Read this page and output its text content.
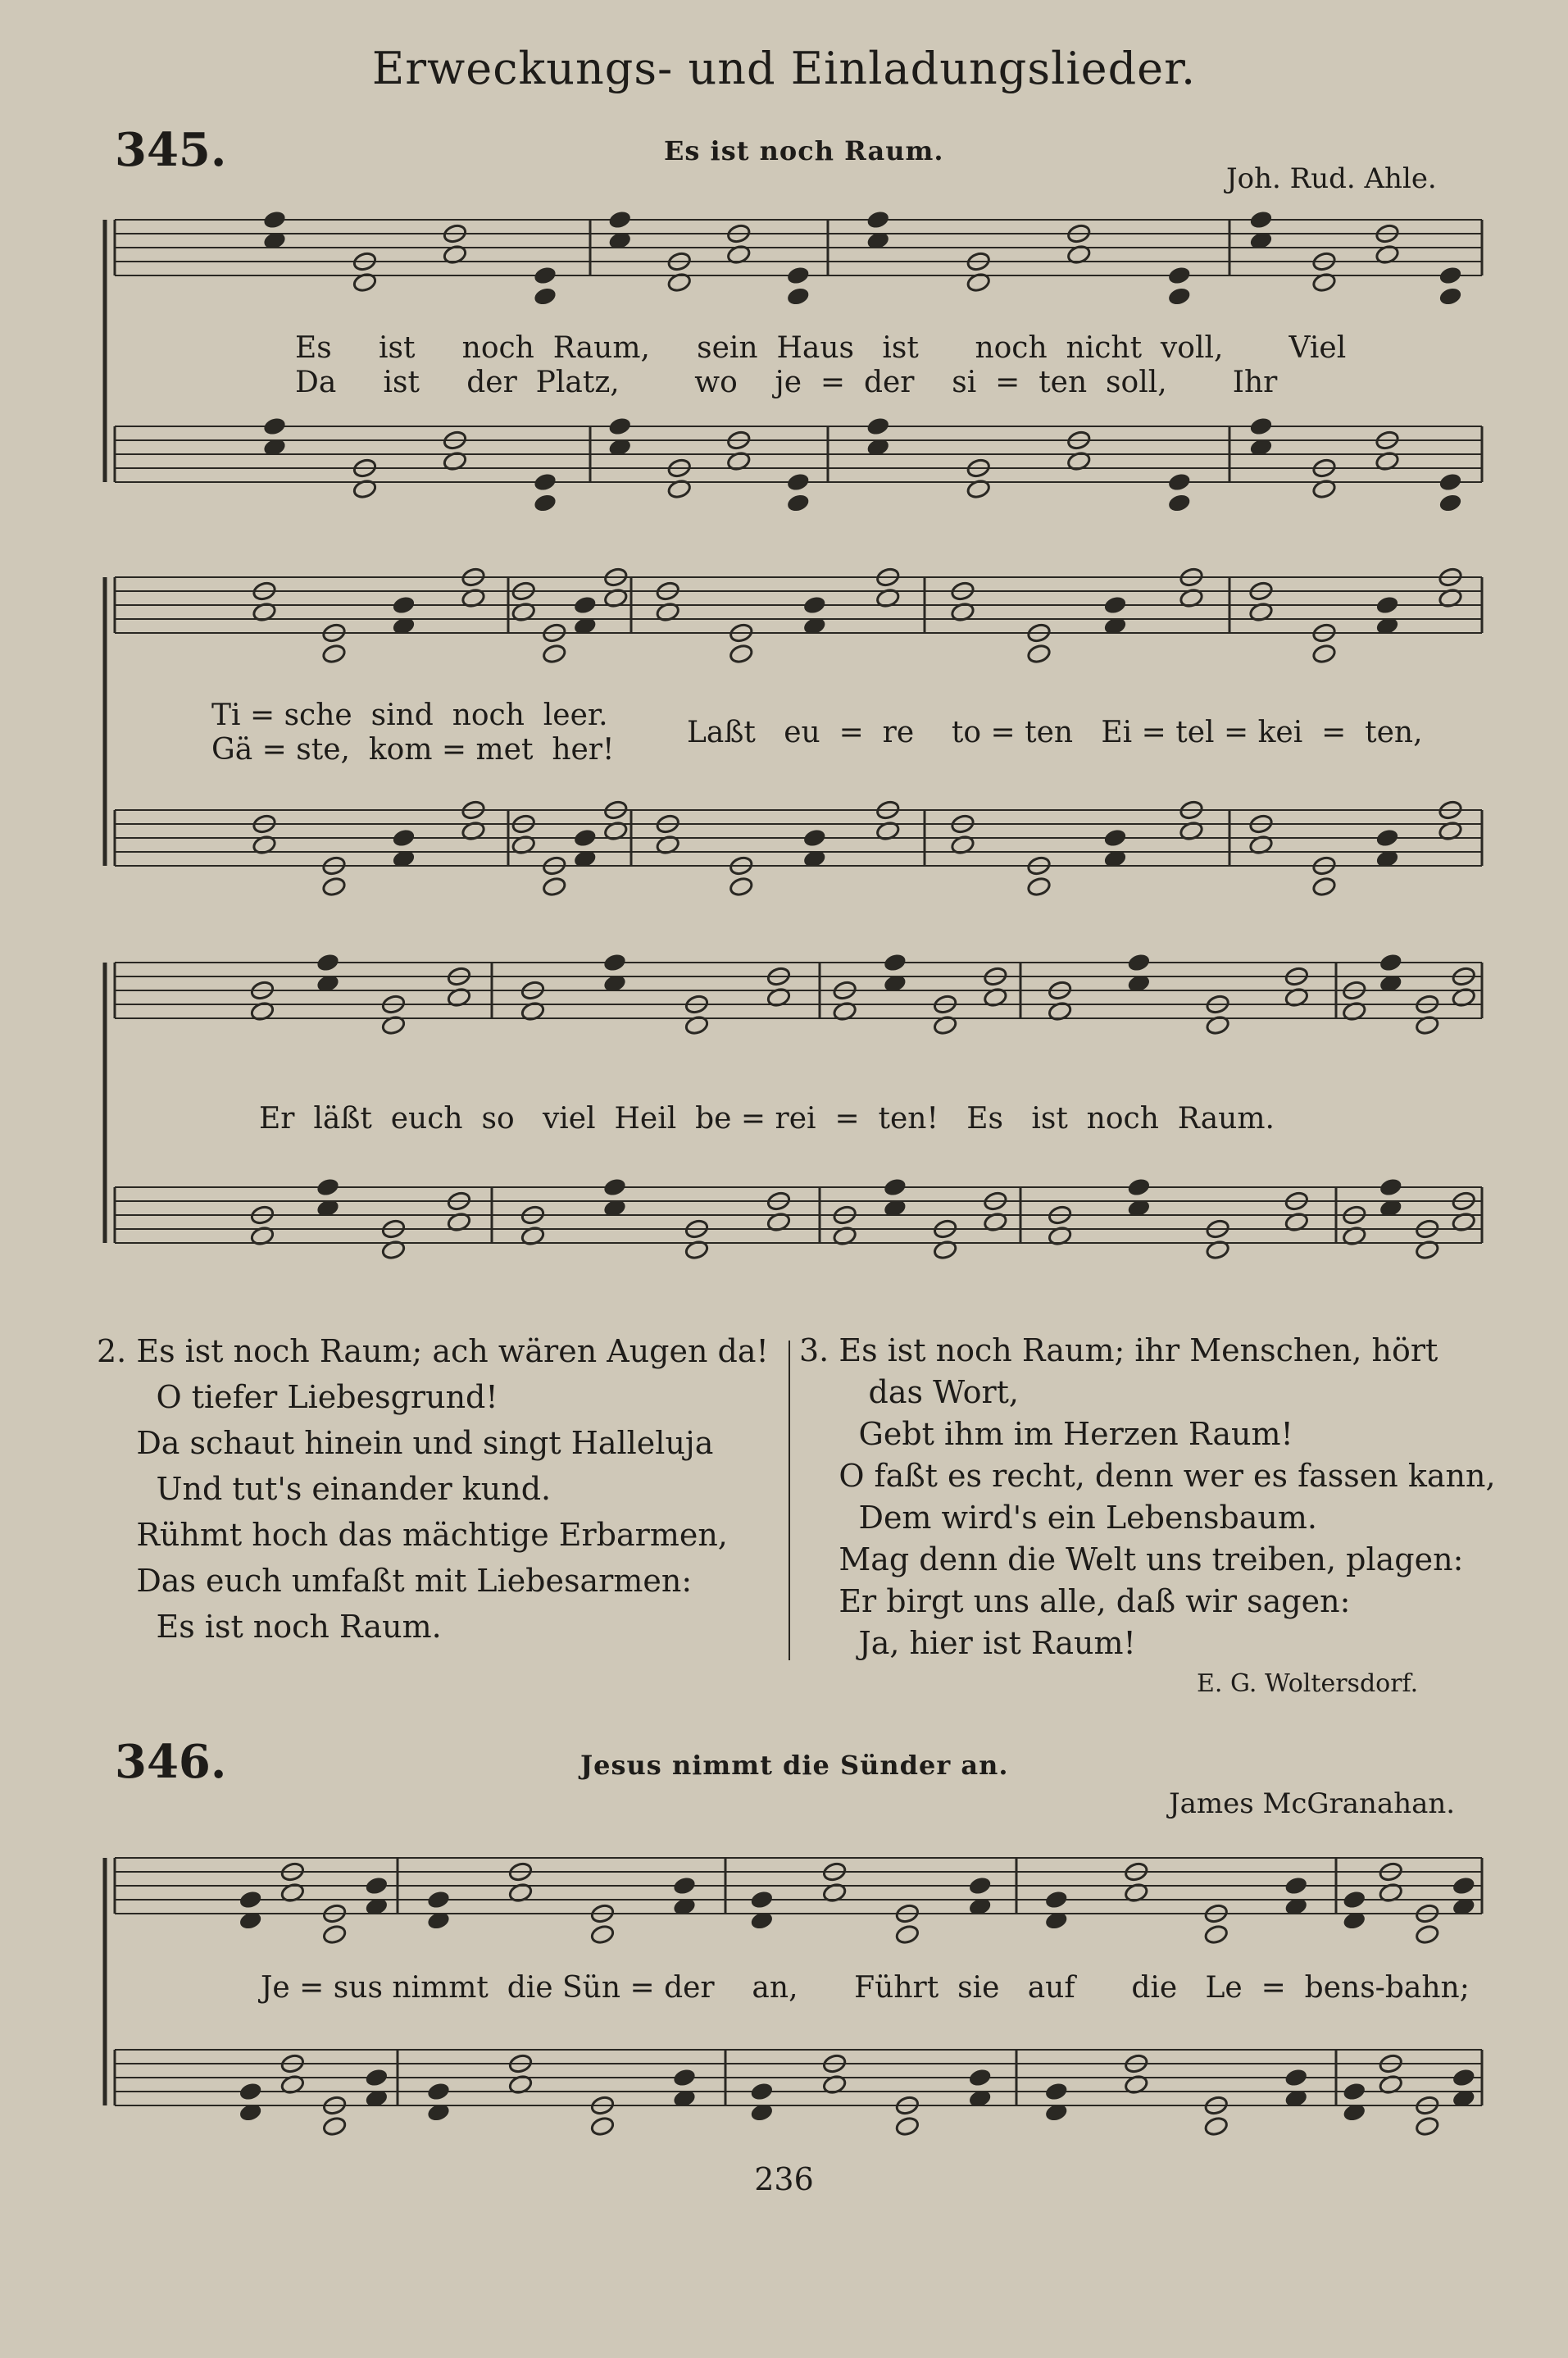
Erweckungs- und Einladungslieder.
345.	Es ist noch Raum.
Joh. Rud. Ahle.
Es     ist     noch  Raum,     sein  Haus   ist      noch  nicht  voll,       Viel
Da     ist     der  Platz,        wo    je  =  der    si  =  ten  soll,       Ihr
Ti = sche  sind  noch  leer.
Gä = ste,  kom = met  her!
Laßt   eu  =  re    to = ten   Ei = tel = kei  =  ten,
Er  läßt  euch  so   viel  Heil  be = rei  =  ten!   Es   ist  noch  Raum.
2. Es ist noch Raum; ach wären Augen da!
O tiefer Liebesgrund!
Da schaut hinein und singt Halleluja
Und tut's einander kund.
Rühmt hoch das mächtige Erbarmen,
Das euch umfaßt mit Liebesarmen:
Es ist noch Raum.
3. Es ist noch Raum; ihr Menschen, hört
das Wort,
Gebt ihm im Herzen Raum!
O faßt es recht, denn wer es fassen kann,
Dem wird's ein Lebensbaum.
Mag denn die Welt uns treiben, plagen:
Er birgt uns alle, daß wir sagen:
Ja, hier ist Raum!
E. G. Woltersdorf.
346.	Jesus nimmt die Sünder an.
James McGranahan.
Je = sus nimmt  die Sün = der    an,      Führt  sie   auf      die   Le  =  bens-bahn;
236
